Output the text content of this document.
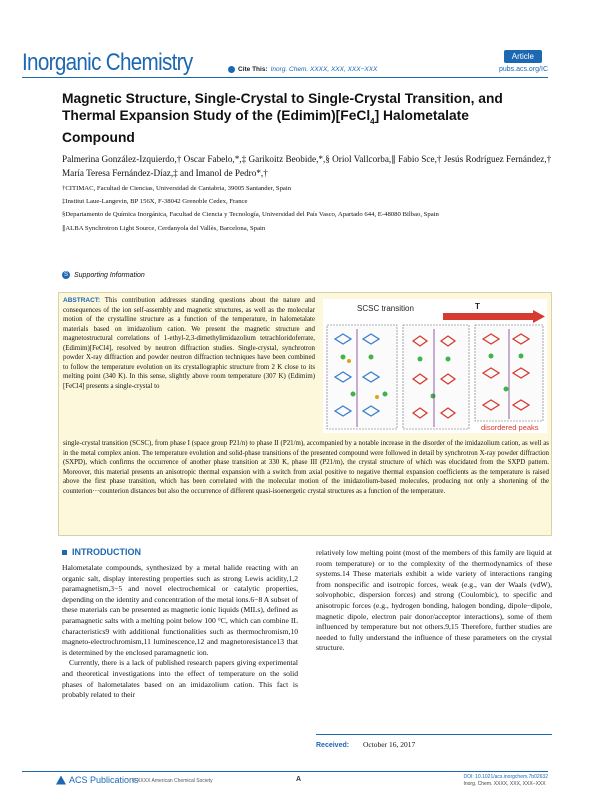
Inorganic Chemistry	Article
Cite This: Inorg. Chem. XXXX, XXX, XXX−XXX	pubs.acs.org/IC
Magnetic Structure, Single-Crystal to Single-Crystal Transition, and Thermal Expansion Study of the (Edimim)[FeCl$_4$] Halometalate Compound
Palmerina González-Izquierdo,† Oscar Fabelo,*,‡ Garikoitz Beobide,*,§ Oriol Vallcorba,∥ Fabio Sce,† Jesús Rodríguez Fernández,† María Teresa Fernández-Díaz,‡ and Imanol de Pedro*,†

†CITIMAC, Facultad de Ciencias, Universidad de Cantabria, 39005 Santander, Spain

‡Institut Laue-Langevin, BP 156X, F-38042 Grenoble Cedex, France

§Departamento de Química Inorgánica, Facultad de Ciencia y Tecnología, Universidad del País Vasco, Apartado 644, E-48080 Bilbao, Spain

∥ALBA Synchrotron Light Source, Cerdanyola del Vallès, Barcelona, Spain

S Supporting Information
ABSTRACT: This contribution addresses standing questions about the nature and consequences of the ion self-assembly and magnetic structures, as well as the molecular motion of the crystalline structure as a function of the temperature, in halometalate materials based on imidazolium cation. We present the magnetic structure and magnetostructural correlations of 1-ethyl-2,3-dimethylimidazolium tetrachloridoferrate, (Edimim)[FeCl4], resolved by neutron diffraction studies. Single-crystal, synchrotron powder X-ray diffraction and powder neutron diffraction techniques have been combined to follow the temperature evolution on its crystallographic structure from 2 K close to its melting point (340 K). In this sense, slightly above room temperature (307 K) (Edimim)[FeCl4] presents a single-crystal to
SCSC transition	T
disordered peaks
single-crystal transition (SCSC), from phase I (space group P21/n) to phase II (P21/m), accompanied by a notable increase in the disorder of the imidazolium cation, as well as in the metal complex anion. The temperature evolution and solid-phase transitions of the presented compound were followed in detail by synchrotron X-ray powder diffraction (SXPD), which confirms the occurrence of another phase transition at 330 K, phase III (P21/m), the crystal structure of which was elucidated from the SXPD pattern. Moreover, this material presents an anisotropic thermal expansion with a switch from axial positive to negative thermal expansion coefficients as the temperature is raised above the first phase transition, which has been correlated with the molecular motion of the imidazolium-based molecules, producing not only a shortening of the counterion···counterion distances but also the occurrence of different quasi-isoenergetic crystal structures as a function of the temperature.
INTRODUCTION

Halometalate compounds, synthesized by a metal halide reacting with an organic salt, display interesting properties such as strong Lewis acidity,1,2 paramagnetism,3−5 and novel electrochemical or catalytic properties, depending on the identity and concentration of the metal ions.6−8 A subset of these materials can be presented as magnetic ionic liquids (MILs), defined as paramagnetic salts with a melting point below 100 °C, which can combine IL characteristics9 with additional functionalities such as thermochromism,10 magneto-electrochromism,11 luminescence,12 and magnetoresistance13 that is determined by the enclosed paramagnetic ion.

Currently, there is a lack of published research papers giving experimental and theoretical investigations into the effect of temperature on the solid phases of halometalates based on an imidazolium cation. This fact is probably related to their

relatively low melting point (most of the members of this family are liquid at room temperature) or to the complexity of the thermodynamics of these systems.14 These materials exhibit a wide variety of interactions ranging from nonspecific and isotropic forces, weak (e.g., van der Waals (vdW), solvophobic, dispersion forces) and strong (Coulombic), to specific and anisotropic forces (e.g., hydrogen bonding, halogen bonding, dipole−dipole, magnetic dipole, electron pair donor/acceptor interactions), some of them influenced by temperature but not others.9,15 Therefore, further studies are needed to fully understand the influence of these parameters on the crystal structure.

Received: October 16, 2017
ACS Publications
© XXXX American Chemical Society	A	DOI: 10.1021/acs.inorgchem.7b02632
Inorg. Chem. XXXX, XXX, XXX−XXX
